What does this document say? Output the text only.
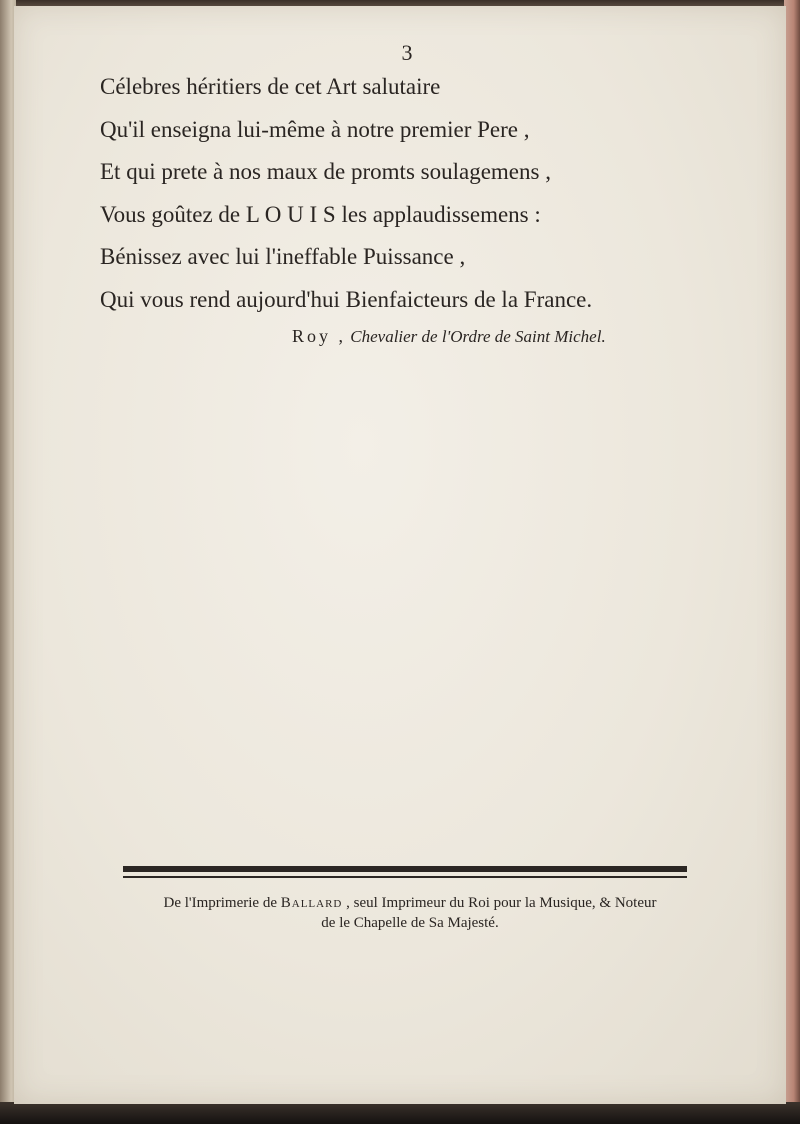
3
Célebres héritiers de cet Art salutaire
Qu'il enseigna lui-même à notre premier Pere ,
Et qui prete à nos maux de promts soulagemens ,
Vous goûtez de L O U I S les applaudissemens :
Bénissez avec lui l'ineffable Puissance ,
Qui vous rend aujourd'hui Bienfaicteurs de la France.
Roy , Chevalier de l'Ordre de Saint Michel.
De l'Imprimerie de Ballard , seul Imprimeur du Roi pour la Musique, & Noteur
de le Chapelle de Sa Majesté.
